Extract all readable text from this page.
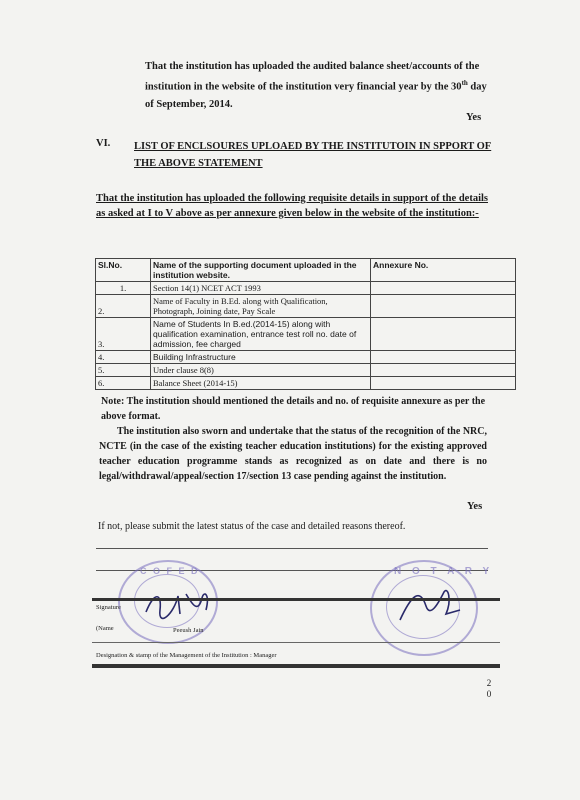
That the institution has uploaded the audited balance sheet/accounts of the institution in the website of the institution very financial year by the 30th day of September, 2014.
Yes
VI. LIST OF ENCLSOURES UPLOAED BY THE INSTITUTOIN IN SPPORT OF THE ABOVE STATEMENT
That the institution has uploaded the following requisite details in support of the details as asked at I to V above as per annexure given below in the website of the institution:-
Sl.No.	Name of the supporting document uploaded in the institution website.	Annexure No.
1.	Section 14(1) NCET ACT 1993	
2.	Name of Faculty in B.Ed. along with Qualification, Photograph, Joining date, Pay Scale	
3.	Name of Students In B.ed.(2014-15) along with qualification examination, entrance test roll no. date of admission, fee charged	
4.	Building Infrastructure	
5.	Under clause 8(8)	
6.	Balance Sheet (2014-15)	
Note: The institution should mentioned the details and no. of requisite annexure as per the above format.
The institution also sworn and undertake that the status of the recognition of the NRC, NCTE (in the case of the existing teacher education institutions) for the existing approved teacher education programme stands as recognized as on date and there is no legal/withdrawal/appeal/section 17/section 13 case pending against the institution.
Yes
If not, please submit the latest status of the case and detailed reasons thereof.
C O F E D	N O T A R Y
Signature
(Name	Peeush Jain
Designation & stamp of the Management of the Institution : Manager
2
0
